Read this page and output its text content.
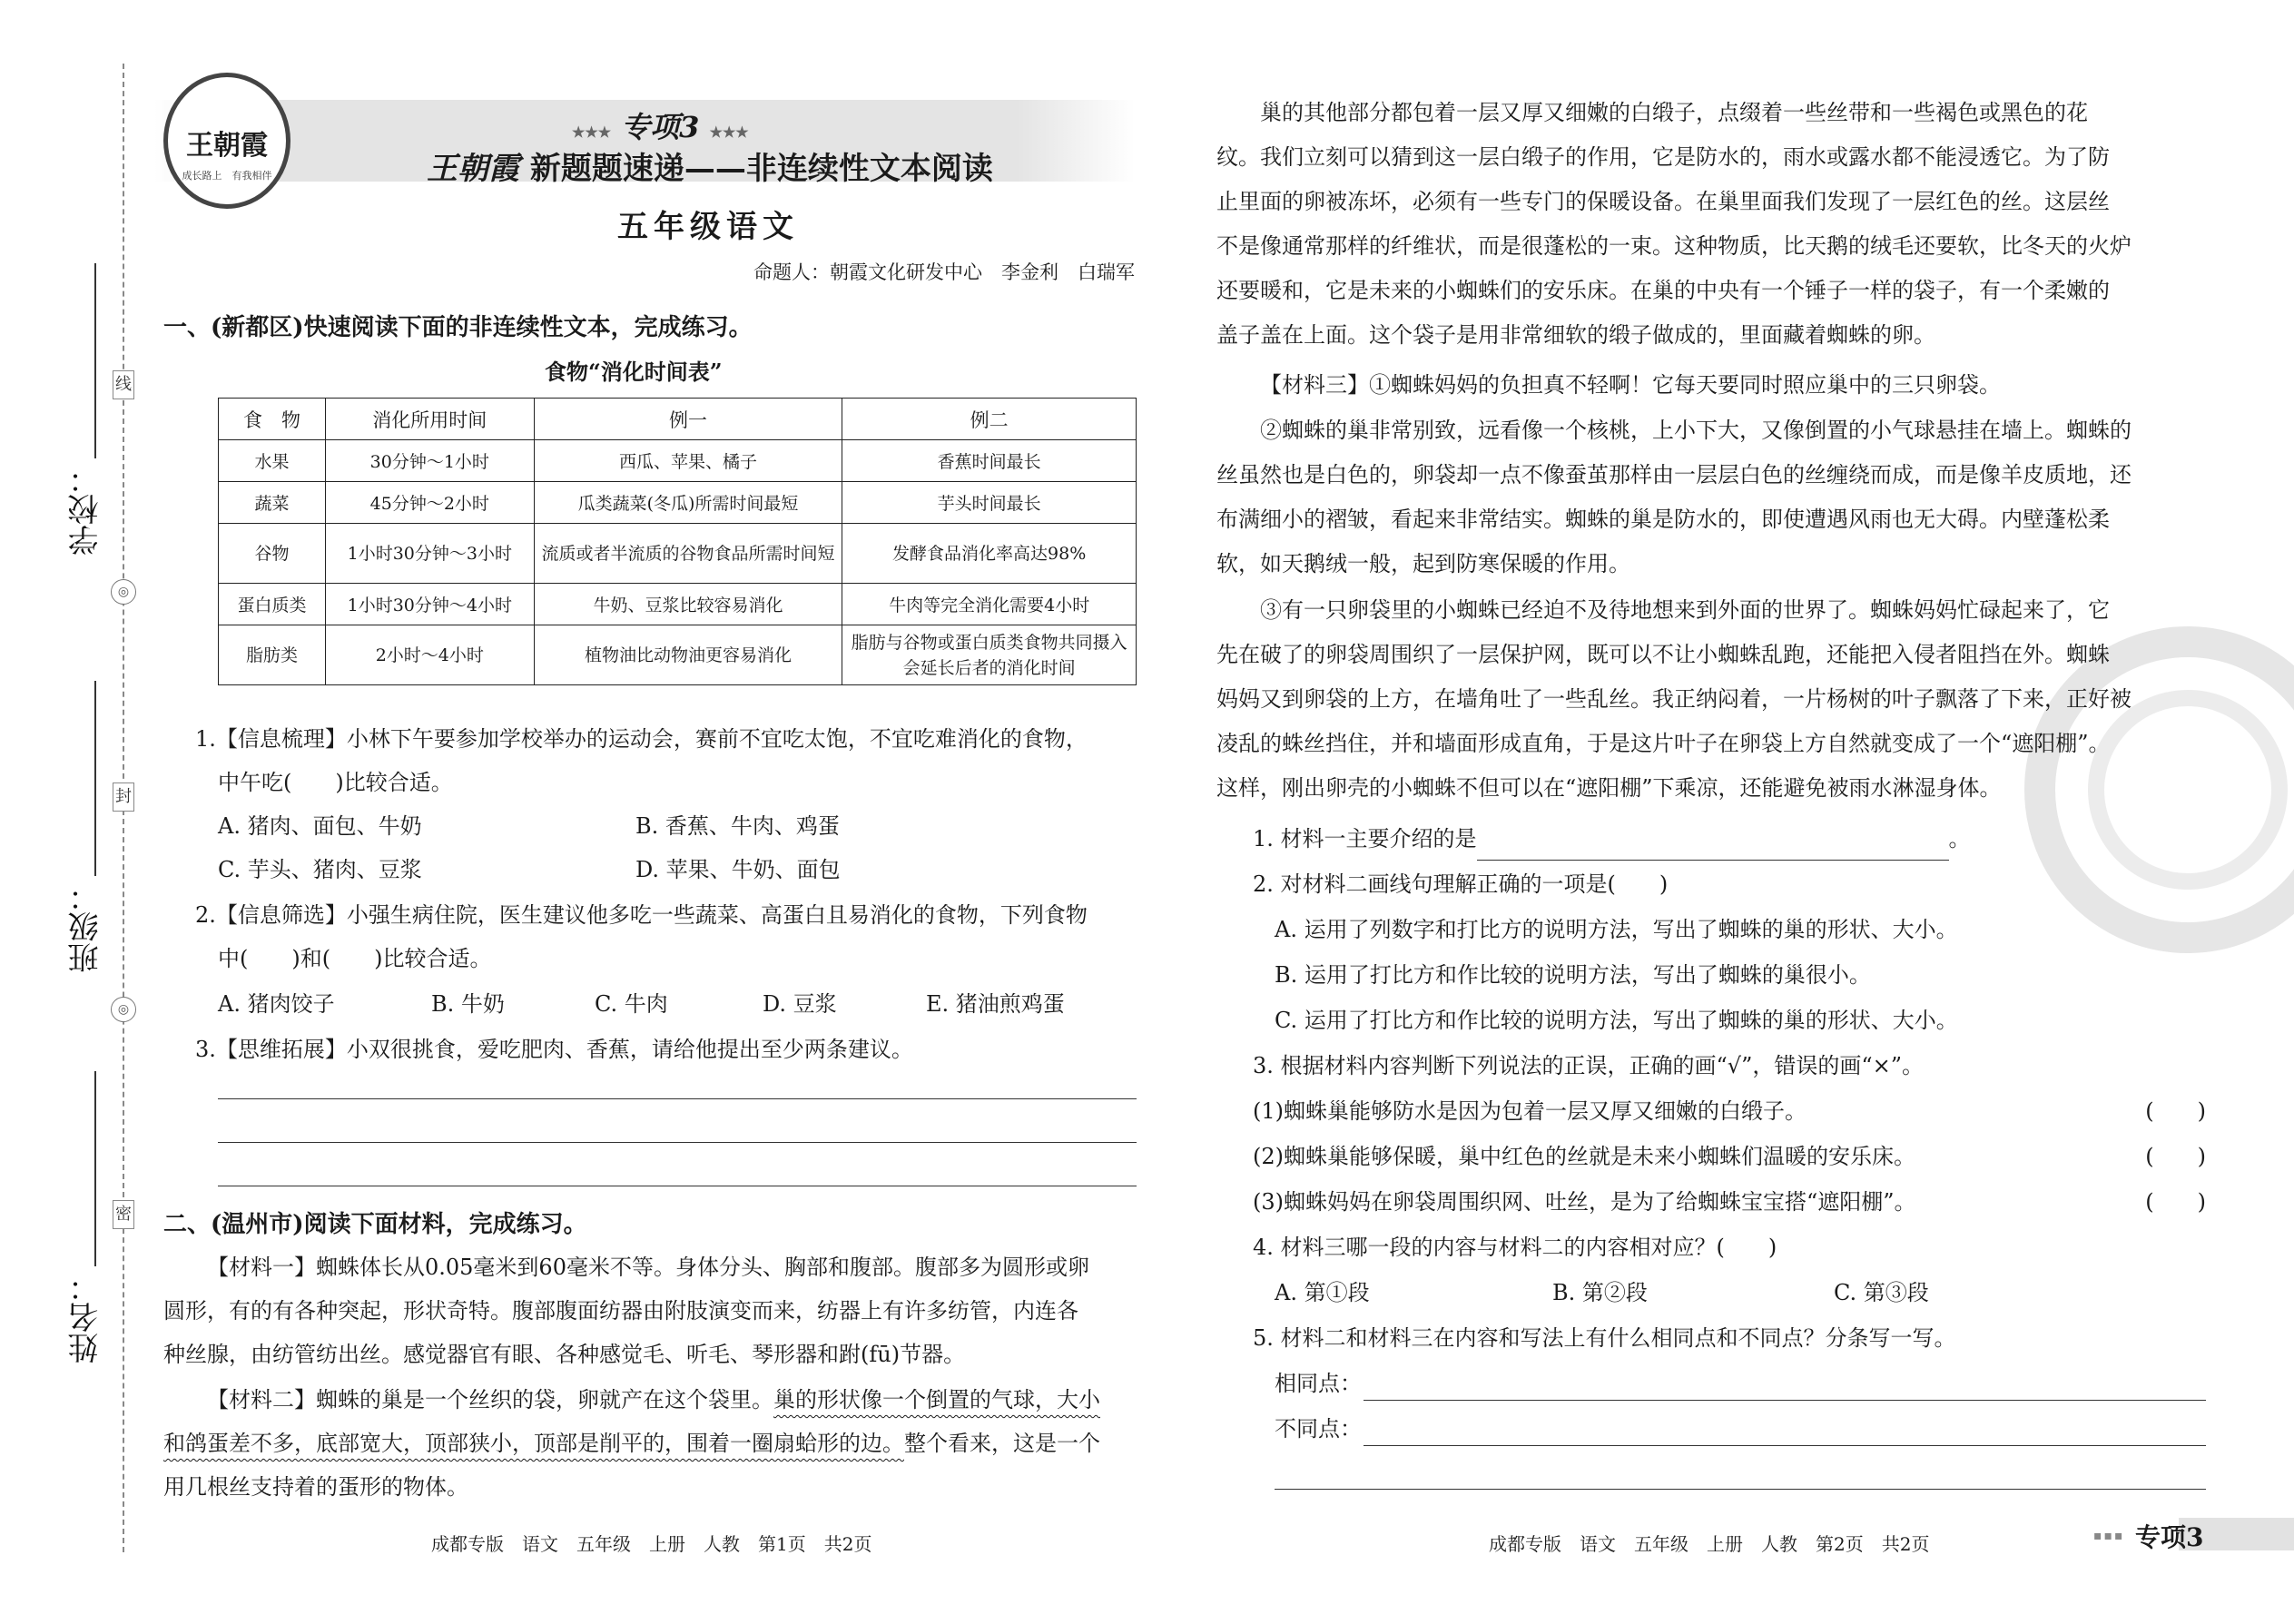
线
◎
封
◎
密
学校：
班级：
姓名：
王朝霞
成长路上　有我相伴
★★★ 专项3 ★★★
王朝霞 新题题速递——非连续性文本阅读
五年级语文
命题人：朝霞文化研发中心　李金利　白瑞军
一、(新都区)快速阅读下面的非连续性文本，完成练习。
食物“消化时间表”
食　物	消化所用时间	例一	例二
水果	30分钟～1小时	西瓜、苹果、橘子	香蕉时间最长
蔬菜	45分钟～2小时	瓜类蔬菜(冬瓜)所需时间最短	芋头时间最长
谷物	1小时30分钟～3小时	流质或者半流质的谷物食品所需时间短	发酵食品消化率高达98%
蛋白质类	1小时30分钟～4小时	牛奶、豆浆比较容易消化	牛肉等完全消化需要4小时
脂肪类	2小时～4小时	植物油比动物油更容易消化	脂肪与谷物或蛋白质类食物共同摄入会延长后者的消化时间
1.【信息梳理】小林下午要参加学校举办的运动会，赛前不宜吃太饱，不宜吃难消化的食物，
中午吃(　　)比较合适。
A. 猪肉、面包、牛奶	B. 香蕉、牛肉、鸡蛋
C. 芋头、猪肉、豆浆	D. 苹果、牛奶、面包
2.【信息筛选】小强生病住院，医生建议他多吃一些蔬菜、高蛋白且易消化的食物，下列食物
中(　　)和(　　)比较合适。
A. 猪肉饺子	B. 牛奶	C. 牛肉	D. 豆浆	E. 猪油煎鸡蛋
3.【思维拓展】小双很挑食，爱吃肥肉、香蕉，请给他提出至少两条建议。
二、(温州市)阅读下面材料，完成练习。
【材料一】蜘蛛体长从0.05毫米到60毫米不等。身体分头、胸部和腹部。腹部多为圆形或卵
圆形，有的有各种突起，形状奇特。腹部腹面纺器由附肢演变而来，纺器上有许多纺管，内连各
种丝腺，由纺管纺出丝。感觉器官有眼、各种感觉毛、听毛、琴形器和跗(fū)节器。
【材料二】蜘蛛的巢是一个丝织的袋，卵就产在这个袋里。巢的形状像一个倒置的气球，大小
和鸽蛋差不多，底部宽大，顶部狭小，顶部是削平的，围着一圈扇蛤形的边。整个看来，这是一个
用几根丝支持着的蛋形的物体。
成都专版　语文　五年级　上册　人教　第1页　共2页
巢的其他部分都包着一层又厚又细嫩的白缎子，点缀着一些丝带和一些褐色或黑色的花
纹。我们立刻可以猜到这一层白缎子的作用，它是防水的，雨水或露水都不能浸透它。为了防
止里面的卵被冻坏，必须有一些专门的保暖设备。在巢里面我们发现了一层红色的丝。这层丝
不是像通常那样的纤维状，而是很蓬松的一束。这种物质，比天鹅的绒毛还要软，比冬天的火炉
还要暖和，它是未来的小蜘蛛们的安乐床。在巢的中央有一个锤子一样的袋子，有一个柔嫩的
盖子盖在上面。这个袋子是用非常细软的缎子做成的，里面藏着蜘蛛的卵。
【材料三】①蜘蛛妈妈的负担真不轻啊！它每天要同时照应巢中的三只卵袋。
②蜘蛛的巢非常别致，远看像一个核桃，上小下大，又像倒置的小气球悬挂在墙上。蜘蛛的
丝虽然也是白色的，卵袋却一点不像蚕茧那样由一层层白色的丝缠绕而成，而是像羊皮质地，还
布满细小的褶皱，看起来非常结实。蜘蛛的巢是防水的，即使遭遇风雨也无大碍。内壁蓬松柔
软，如天鹅绒一般，起到防寒保暖的作用。
③有一只卵袋里的小蜘蛛已经迫不及待地想来到外面的世界了。蜘蛛妈妈忙碌起来了，它
先在破了的卵袋周围织了一层保护网，既可以不让小蜘蛛乱跑，还能把入侵者阻挡在外。蜘蛛
妈妈又到卵袋的上方，在墙角吐了一些乱丝。我正纳闷着，一片杨树的叶子飘落了下来，正好被
凌乱的蛛丝挡住，并和墙面形成直角，于是这片叶子在卵袋上方自然就变成了一个“遮阳棚”。
这样，刚出卵壳的小蜘蛛不但可以在“遮阳棚”下乘凉，还能避免被雨水淋湿身体。
1. 材料一主要介绍的是	。
2. 对材料二画线句理解正确的一项是(　　)
A. 运用了列数字和打比方的说明方法，写出了蜘蛛的巢的形状、大小。
B. 运用了打比方和作比较的说明方法，写出了蜘蛛的巢很小。
C. 运用了打比方和作比较的说明方法，写出了蜘蛛的巢的形状、大小。
3. 根据材料内容判断下列说法的正误，正确的画“√”，错误的画“×”。
(1)蜘蛛巢能够防水是因为包着一层又厚又细嫩的白缎子。	(　　)
(2)蜘蛛巢能够保暖，巢中红色的丝就是未来小蜘蛛们温暖的安乐床。	(　　)
(3)蜘蛛妈妈在卵袋周围织网、吐丝，是为了给蜘蛛宝宝搭“遮阳棚”。	(　　)
4. 材料三哪一段的内容与材料二的内容相对应？(　　)
A. 第①段	B. 第②段	C. 第③段
5. 材料二和材料三在内容和写法上有什么相同点和不同点？分条写一写。
相同点：
不同点：
成都专版　语文　五年级　上册　人教　第2页　共2页	▪▪▪ 专项3
